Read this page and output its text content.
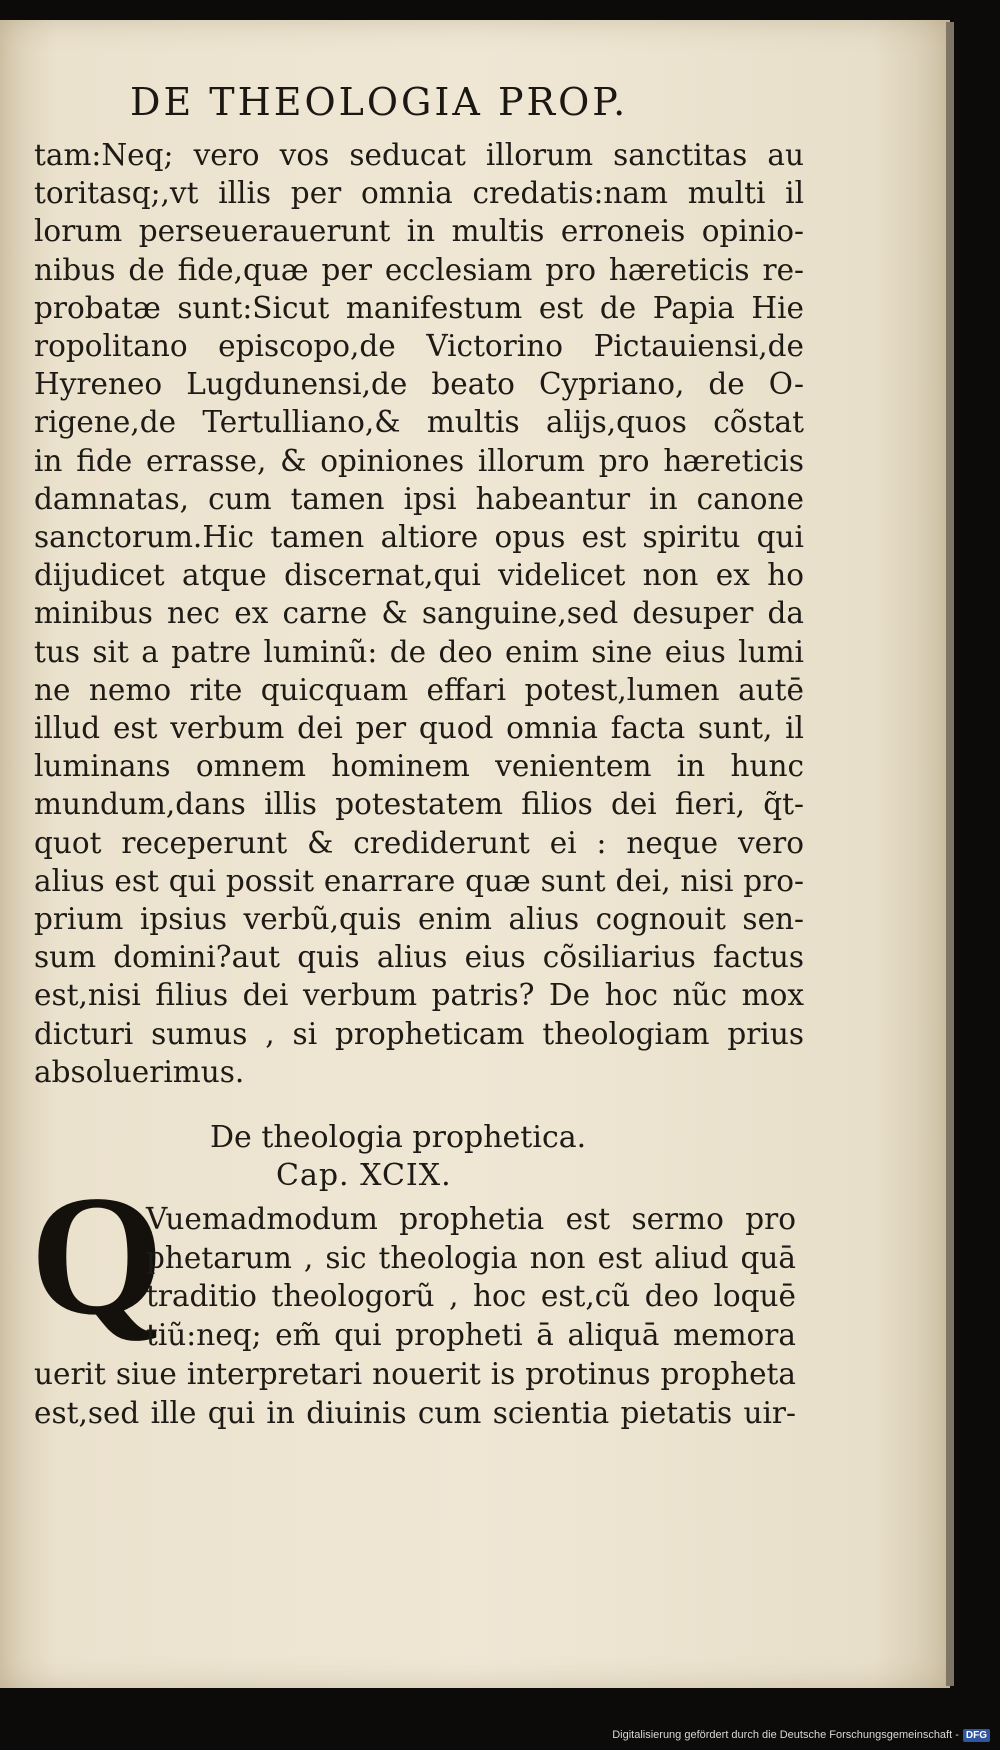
DE THEOLOGIA PROP.
tam:Neq; vero vos seducat illorum sanctitas au
toritasq;,vt illis per omnia credatis:nam multi il
lorum perseuerauerunt in multis erroneis opinio-
nibus de fide,quæ per ecclesiam pro hæreticis re-
probatæ sunt:Sicut manifestum est de Papia Hie
ropolitano episcopo,de Victorino Pictauiensi,de
Hyreneo Lugdunensi,de beato Cypriano, de O-
rigene,de Tertulliano,& multis alijs,quos cõstat
in fide errasse, & opiniones illorum pro hæreticis
damnatas, cum tamen ipsi habeantur in canone
sanctorum.Hic tamen altiore opus est spiritu qui
dijudicet atque discernat,qui videlicet non ex ho
minibus nec ex carne & sanguine,sed desuper da
tus sit a patre luminũ: de deo enim sine eius lumi
ne nemo rite quicquam effari potest,lumen autē
illud est verbum dei per quod omnia facta sunt, il
luminans omnem hominem venientem in hunc
mundum,dans illis potestatem filios dei fieri, q̃t-
quot receperunt & crediderunt ei : neque vero
alius est qui possit enarrare quæ sunt dei, nisi pro-
prium ipsius verbũ,quis enim alius cognouit sen-
sum domini?aut quis alius eius cõsiliarius factus
est,nisi filius dei verbum patris? De hoc nũc mox
dicturi sumus , si propheticam theologiam prius
absoluerimus.
De theologia prophetica.
Cap. XCIX.
Q
Vuemadmodum prophetia est sermo pro
phetarum , sic theologia non est aliud quā
traditio theologorũ , hoc est,cũ deo loquē
tiũ:neq; em̃ qui propheti ā aliquā memora
uerit siue interpretari nouerit is protinus propheta
est,sed ille qui in diuinis cum scientia pietatis uir-
Digitalisierung gefördert durch die Deutsche Forschungsgemeinschaft - DFG
